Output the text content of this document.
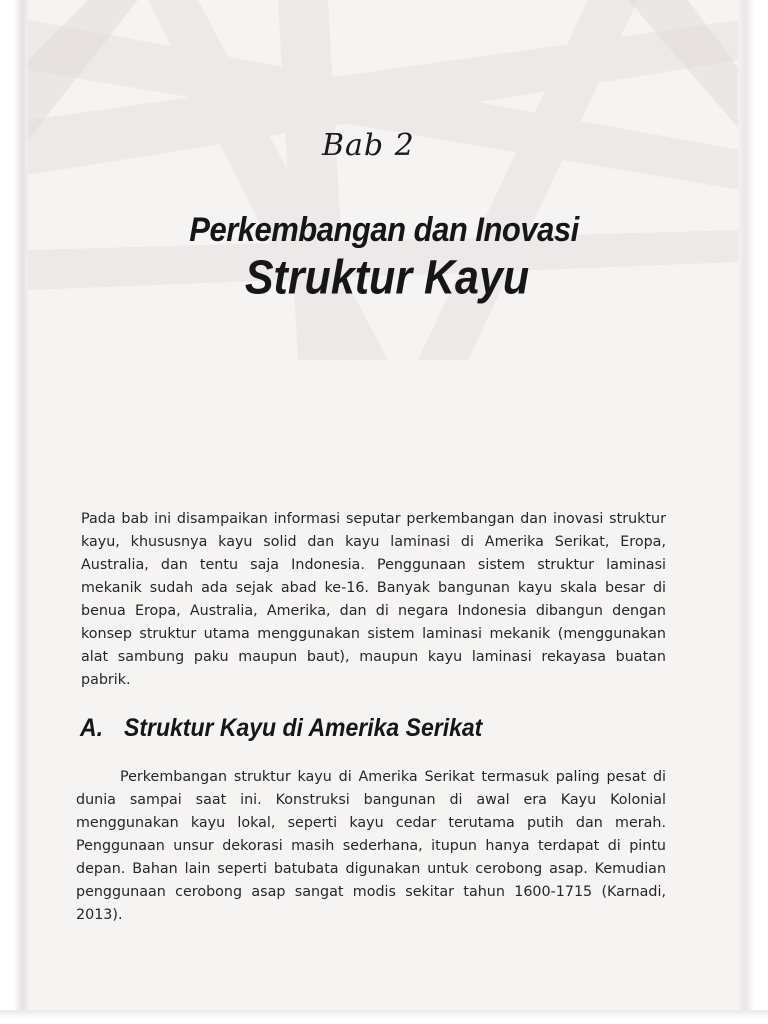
Bab 2
Perkembangan dan Inovasi
Struktur Kayu

Pada bab ini disampaikan informasi seputar perkembangan dan inovasi struktur kayu, khususnya kayu solid dan kayu laminasi di Amerika Serikat, Eropa, Australia, dan tentu saja Indonesia. Penggunaan sistem struktur laminasi mekanik sudah ada sejak abad ke-16. Banyak bangunan kayu skala besar di benua Eropa, Australia, Amerika, dan di negara Indonesia dibangun dengan konsep struktur utama menggunakan sistem laminasi mekanik (menggunakan alat sambung paku maupun baut), maupun kayu laminasi rekayasa buatan pabrik.

A. Struktur Kayu di Amerika Serikat

Perkembangan struktur kayu di Amerika Serikat termasuk paling pesat di dunia sampai saat ini. Konstruksi bangunan di awal era Kayu Kolonial menggunakan kayu lokal, seperti kayu cedar terutama putih dan merah. Penggunaan unsur dekorasi masih sederhana, itupun hanya terdapat di pintu depan. Bahan lain seperti batubata digunakan untuk cerobong asap. Kemudian penggunaan cerobong asap sangat modis sekitar tahun 1600-1715 (Karnadi, 2013).
